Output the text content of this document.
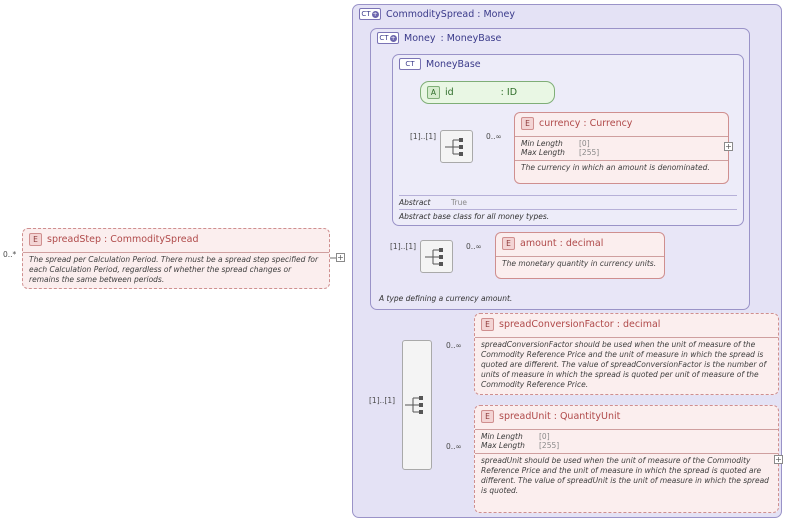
CT + CommoditySpread : Money
CT + Money : MoneyBase
A type defining a currency amount.
CT MoneyBase
Abstract	True
Abstract base class for all money types.
A id	: ID
E currency : Currency
Min Length	[0]
Max Length	[255]
The currency in which an amount is denominated.
+
E amount : decimal
The monetary quantity in currency units.
E spreadStep : CommoditySpread
The spread per Calculation Period. There must be a spread step specified for each Calculation Period, regardless of whether the spread changes or remains the same between periods.
0..*	+
E spreadConversionFactor : decimal
spreadConversionFactor should be used when the unit of measure of the Commodity Reference Price and the unit of measure in which the spread is quoted are different. The value of spreadConversionFactor is the number of units of measure in which the spread is quoted per unit of measure of the Commodity Reference Price.
E spreadUnit : QuantityUnit
Min Length	[0]
Max Length	[255]
spreadUnit should be used when the unit of measure of the Commodity Reference Price and the unit of measure in which the spread is quoted are different. The value of spreadUnit is the unit of measure in which the spread is quoted.
+
[1]..[1]	0..∞
[1]..[1]	0..∞
[1]..[1]
0..∞
0..∞
